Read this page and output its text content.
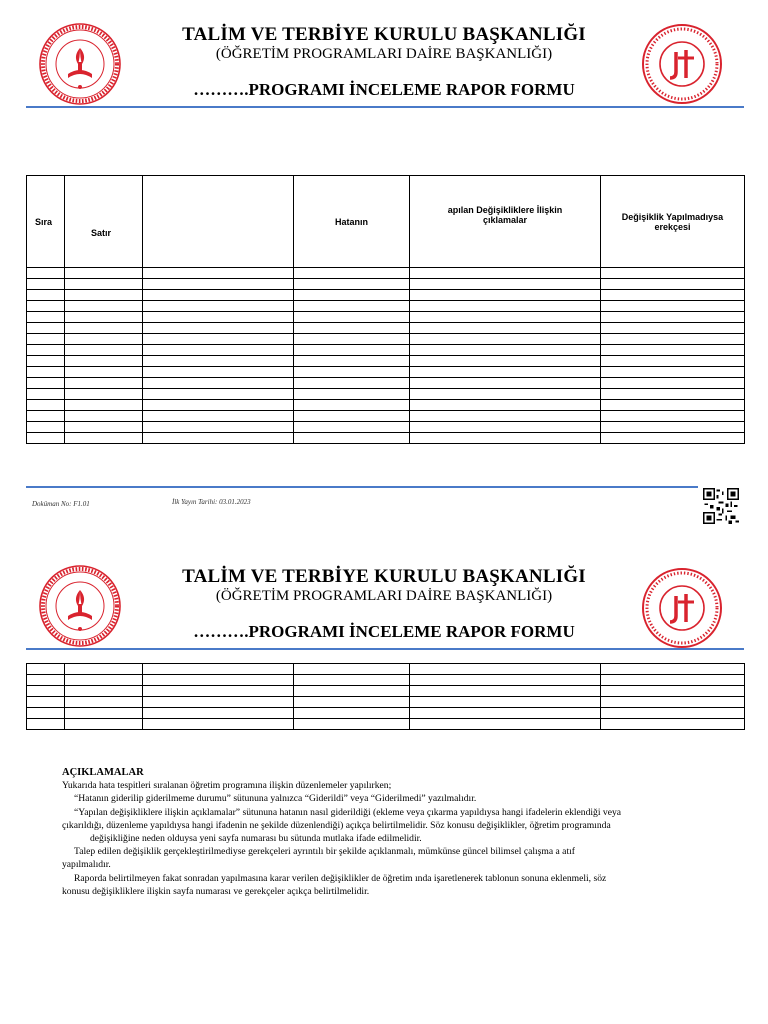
TALİM VE TERBİYE KURULU BAŞKANLIĞI
(ÖĞRETİM PROGRAMLARI DAİRE BAŞKANLIĞI)
……….PROGRAMI İNCELEME RAPOR FORMU
Sıra	Satır		Hatanın	apılan Değişikliklere İlişkin çıklamalar	Değişiklik Yapılmadıysa erekçesi

Doküman No: F1.01	İlk Yayın Tarihi: 03.01.2023
TALİM VE TERBİYE KURULU BAŞKANLIĞI
(ÖĞRETİM PROGRAMLARI DAİRE BAŞKANLIĞI)
……….PROGRAMI İNCELEME RAPOR FORMU

AÇIKLAMALAR

Yukarıda hata tespitleri sıralanan öğretim programına ilişkin düzenlemeler yapılırken;

“Hatanın giderilip giderilmeme durumu” sütununa yalnızca “Giderildi” veya “Giderilmedi” yazılmalıdır.

“Yapılan değişikliklere ilişkin açıklamalar” sütununa hatanın nasıl giderildiği (ekleme veya çıkarma yapıldıysa hangi ifadelerin eklendiği veya

çıkarıldığı, düzenleme yapıldıysa hangi ifadenin ne şekilde düzenlendiği) açıkça belirtilmelidir. Söz konusu değişiklikler, öğretim programında

değişikliğine neden olduysa yeni sayfa numarası bu sütunda mutlaka ifade edilmelidir.

Talep edilen değişiklik gerçekleştirilmediyse gerekçeleri ayrıntılı bir şekilde açıklanmalı, mümkünse güncel bilimsel çalışma a atıf

yapılmalıdır.

Raporda belirtilmeyen fakat sonradan yapılmasına karar verilen değişiklikler de öğretim ında işaretlenerek tablonun sonuna eklenmeli, söz

konusu değişikliklere ilişkin sayfa numarası ve gerekçeler açıkça belirtilmelidir.
